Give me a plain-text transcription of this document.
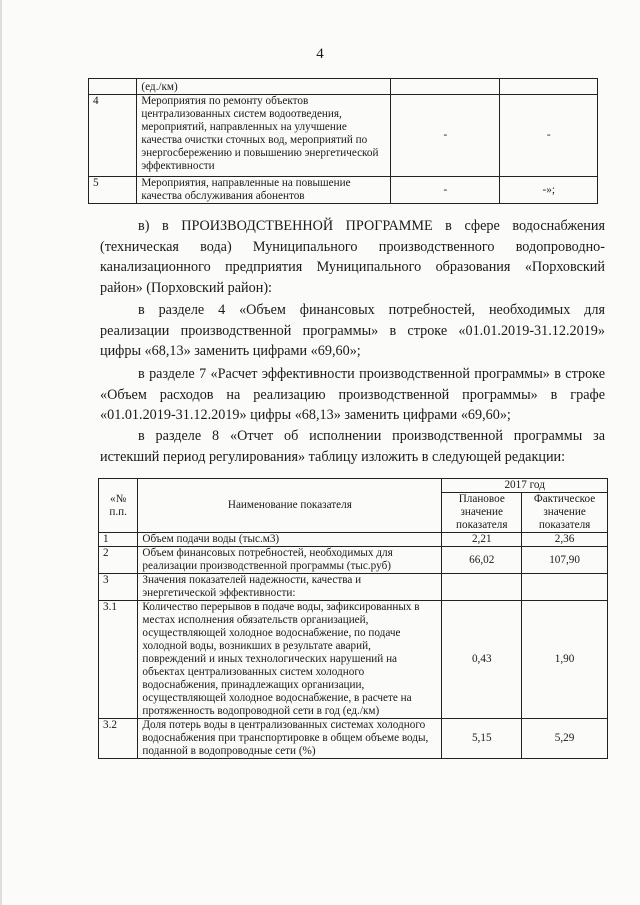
4
	(ед./км)		
4	Мероприятия по ремонту объектов централизованных систем водоотведения, мероприятий, направленных на улучшение качества очистки сточных вод, мероприятий по энергосбережению и повышению энергетической эффективности	-	-
5	Мероприятия, направленные на повышение качества обслуживания абонентов	-	-»;
в) в ПРОИЗВОДСТВЕННОЙ ПРОГРАММЕ в сфере водоснабжения (техническая вода) Муниципального производственного водопроводно-канализационного предприятия Муниципального образования «Порховский район» (Порховский район):
в разделе 4 «Объем финансовых потребностей, необходимых для реализации производственной программы» в строке «01.01.2019-31.12.2019» цифры «68,13» заменить цифрами «69,60»;
в разделе 7 «Расчет эффективности производственной программы» в строке «Объем расходов на реализацию производственной программы» в графе «01.01.2019-31.12.2019» цифры «68,13» заменить цифрами «69,60»;
в разделе 8 «Отчет об исполнении производственной программы за истекший период регулирования» таблицу изложить в следующей редакции:
«№ п.п.	Наименование показателя	2017 год	
		Плановое значение показателя	Фактическое значение показателя
1	Объем подачи воды (тыс.м3)	2,21	2,36
2	Объем финансовых потребностей, необходимых для реализации производственной программы (тыс.руб)	66,02	107,90
3	Значения показателей надежности, качества и энергетической эффективности:		
3.1	Количество перерывов в подаче воды, зафиксированных в местах исполнения обязательств организацией, осуществляющей холодное водоснабжение, по подаче холодной воды, возникших в результате аварий, повреждений и иных технологических нарушений на объектах централизованных систем холодного водоснабжения, принадлежащих организации, осуществляющей холодное водоснабжение, в расчете на протяженность водопроводной сети в год (ед./км)	0,43	1,90
3.2	Доля потерь воды в централизованных системах холодного водоснабжения при транспортировке в общем объеме воды, поданной в водопроводные сети (%)	5,15	5,29
